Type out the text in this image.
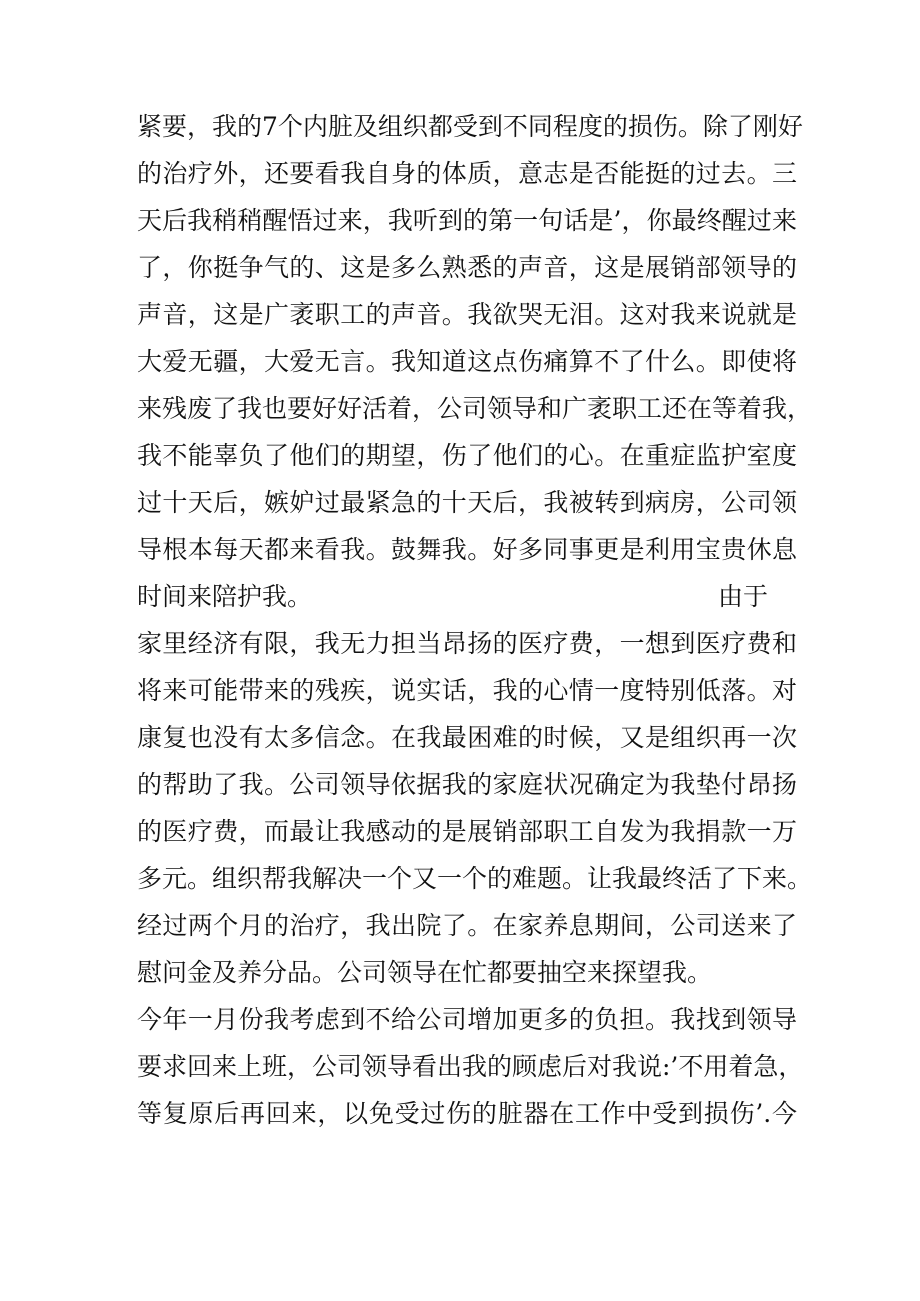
紧要，我的7个内脏及组织都受到不同程度的损伤。除了刚好
的治疗外，还要看我自身的体质，意志是否能挺的过去。三
天后我稍稍醒悟过来，我听到的第一句话是’，你最终醒过来
了，你挺争气的、这是多么熟悉的声音，这是展销部领导的
声音，这是广袤职工的声音。我欲哭无泪。这对我来说就是
大爱无疆，大爱无言。我知道这点伤痛算不了什么。即使将
来残废了我也要好好活着，公司领导和广袤职工还在等着我，
我不能辜负了他们的期望，伤了他们的心。在重症监护室度
过十天后，嫉妒过最紧急的十天后，我被转到病房，公司领
导根本每天都来看我。鼓舞我。好多同事更是利用宝贵休息
时间来陪护我。	由于
家里经济有限，我无力担当昂扬的医疗费，一想到医疗费和
将来可能带来的残疾，说实话，我的心情一度特别低落。对
康复也没有太多信念。在我最困难的时候，又是组织再一次
的帮助了我。公司领导依据我的家庭状况确定为我垫付昂扬
的医疗费，而最让我感动的是展销部职工自发为我捐款一万
多元。组织帮我解决一个又一个的难题。让我最终活了下来。
经过两个月的治疗，我出院了。在家养息期间，公司送来了
慰问金及养分品。公司领导在忙都要抽空来探望我。
今年一月份我考虑到不给公司增加更多的负担。我找到领导
要求回来上班，公司领导看出我的顾虑后对我说:’不用着急，
等复原后再回来，以免受过伤的脏器在工作中受到损伤’.今
